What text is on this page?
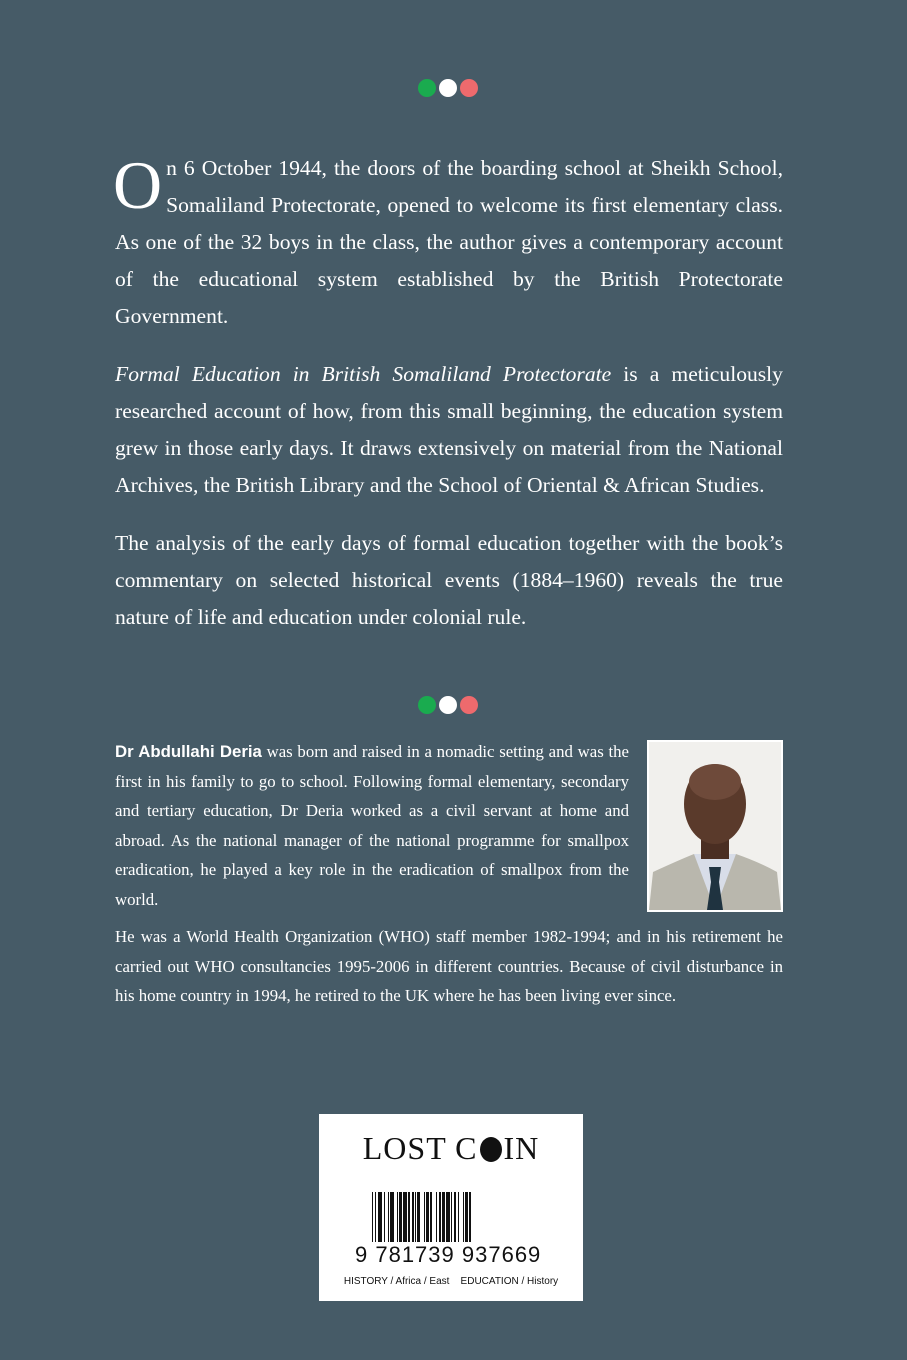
On 6 October 1944, the doors of the boarding school at Sheikh School, Somaliland Protectorate, opened to welcome its first elementary class. As one of the 32 boys in the class, the author gives a contemporary account of the educational system established by the British Protectorate Government.

Formal Education in British Somaliland Protectorate is a meticulously researched account of how, from this small beginning, the education system grew in those early days. It draws extensively on material from the National Archives, the British Library and the School of Oriental & African Studies.

The analysis of the early days of formal education together with the book’s commentary on selected historical events (1884–1960) reveals the true nature of life and education under colonial rule.

Dr Abdullahi Deria was born and raised in a nomadic setting and was the first in his family to go to school. Following formal elementary, secondary and tertiary education, Dr Deria worked as a civil servant at home and abroad. As the national manager of the national programme for smallpox eradication, he played a key role in the eradication of smallpox from the world.

He was a World Health Organization (WHO) staff member 1982-1994; and in his retirement he carried out WHO consultancies 1995-2006 in different countries. Because of civil disturbance in his home country in 1994, he retired to the UK where he has been living ever since.

LOST C IN
9 781739 937669
HISTORY / Africa / East    EDUCATION / History
